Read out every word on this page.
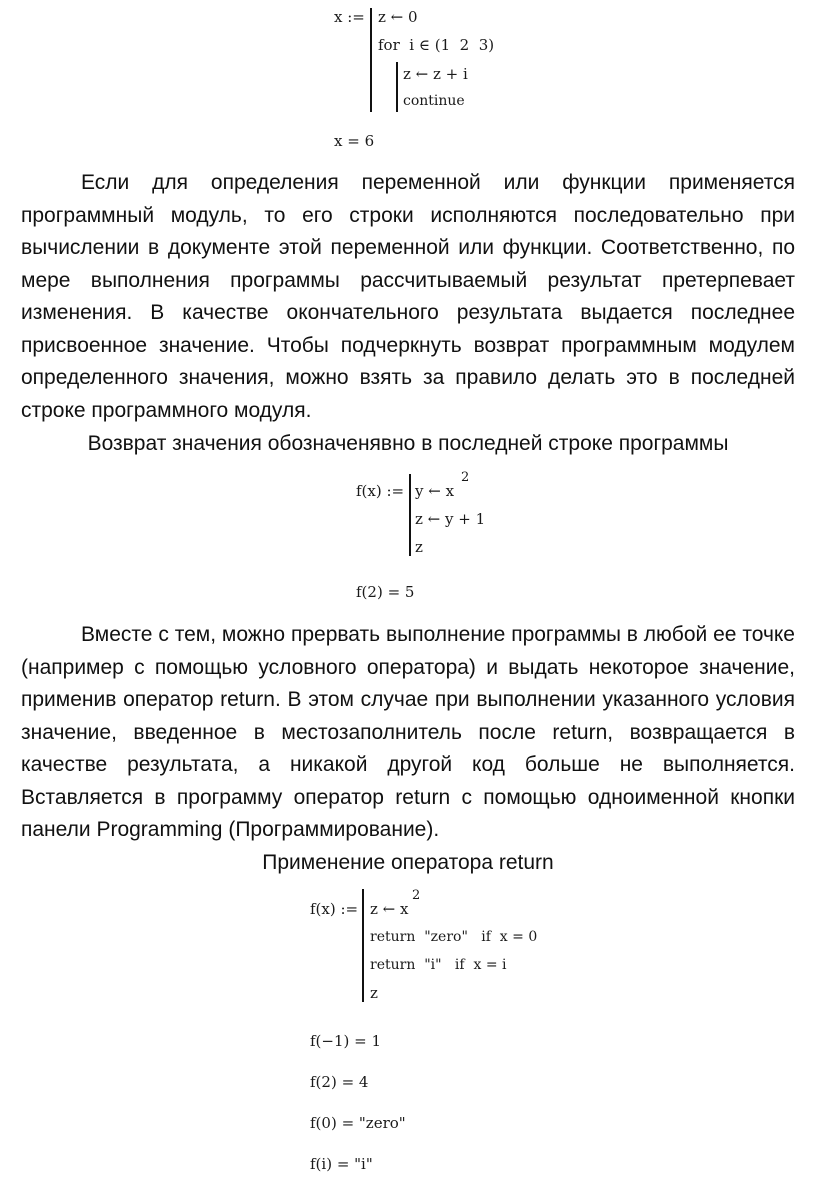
x := z ← 0
for  i ∈ (1  2  3)
z ← z + i
continue
x = 6

Если для определения переменной или функции применяется программный модуль, то его строки исполняются последовательно при вычислении в документе этой переменной или функции. Соответственно, по мере выполнения программы рассчитываемый результат претерпевает изменения. В качестве окончательного результата выдается последнее присвоенное значение. Чтобы подчеркнуть возврат программным модулем определенного значения, можно взять за правило делать это в последней строке программного модуля.

Возврат значения обозначенявно в последней строке программы
f(x) := y ← x
2
z ← y + 1
z
f(2) = 5

Вместе с тем, можно прервать выполнение программы в любой ее точке (например с помощью условного оператора) и выдать некоторое значение, применив оператор return. В этом случае при выполнении указанного условия значение, введенное в местозаполнитель после return, возвращается в качестве результата, а никакой другой код больше не выполняется. Вставляется в программу оператор return с помощью одноименной кнопки панели Programming (Программирование).

Применение оператора return
f(x) := z ← x
2
return  "zero"   if  x = 0
return  "i"   if  x = i
z
f(−1) = 1
f(2) = 4
f(0) = "zero"
f(i) = "i"
